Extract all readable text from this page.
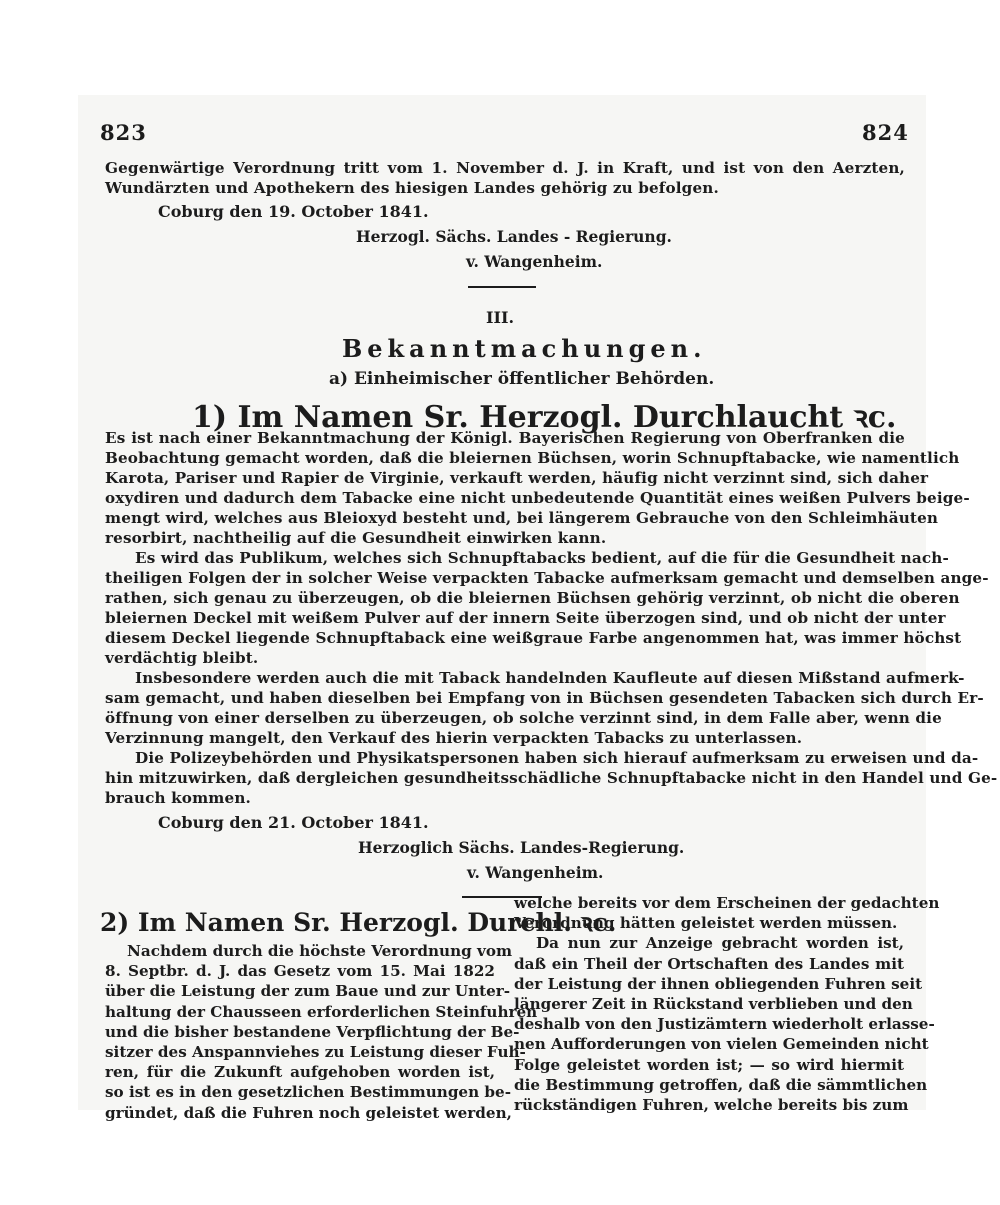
823	824
Gegenwärtige Verordnung tritt vom 1. November d. J. in Kraft, und ist von den Aerzten,
Wundärzten und Apothekern des hiesigen Landes gehörig zu befolgen.
Coburg den 19. October 1841.
Herzogl. Sächs. Landes - Regierung.
v. Wangenheim.
III.
Bekanntmachungen.
a) Einheimischer öffentlicher Behörden.
1) Im Namen Sr. Herzogl. Durchlaucht ꝛc.
Es ist nach einer Bekanntmachung der Königl. Bayerischen Regierung von Oberfranken die
Beobachtung gemacht worden, daß die bleiernen Büchsen, worin Schnupftabacke, wie namentlich
Karota, Pariser und Rapier de Virginie, verkauft werden, häufig nicht verzinnt sind, sich daher
oxydiren und dadurch dem Tabacke eine nicht unbedeutende Quantität eines weißen Pulvers beige-
mengt wird, welches aus Bleioxyd besteht und, bei längerem Gebrauche von den Schleimhäuten
resorbirt, nachtheilig auf die Gesundheit einwirken kann.
Es wird das Publikum, welches sich Schnupftabacks bedient, auf die für die Gesundheit nach-
theiligen Folgen der in solcher Weise verpackten Tabacke aufmerksam gemacht und demselben ange-
rathen, sich genau zu überzeugen, ob die bleiernen Büchsen gehörig verzinnt, ob nicht die oberen
bleiernen Deckel mit weißem Pulver auf der innern Seite überzogen sind, und ob nicht der unter
diesem Deckel liegende Schnupftaback eine weißgraue Farbe angenommen hat, was immer höchst
verdächtig bleibt.
Insbesondere werden auch die mit Taback handelnden Kaufleute auf diesen Mißstand aufmerk-
sam gemacht, und haben dieselben bei Empfang von in Büchsen gesendeten Tabacken sich durch Er-
öffnung von einer derselben zu überzeugen, ob solche verzinnt sind, in dem Falle aber, wenn die
Verzinnung mangelt, den Verkauf des hierin verpackten Tabacks zu unterlassen.
Die Polizeybehörden und Physikatspersonen haben sich hierauf aufmerksam zu erweisen und da-
hin mitzuwirken, daß dergleichen gesundheitsschädliche Schnupftabacke nicht in den Handel und Ge-
brauch kommen.
Coburg den 21. October 1841.
Herzoglich Sächs. Landes-Regierung.
v. Wangenheim.
2) Im Namen Sr. Herzogl. Durchl. ꝛc.
Nachdem durch die höchste Verordnung vom
8. Septbr. d. J. das Gesetz vom 15. Mai 1822
über die Leistung der zum Baue und zur Unter-
haltung der Chausseen erforderlichen Steinfuhren
und die bisher bestandene Verpflichtung der Be-
sitzer des Anspannviehes zu Leistung dieser Fuh-
ren, für die Zukunft aufgehoben worden ist,
so ist es in den gesetzlichen Bestimmungen be-
gründet, daß die Fuhren noch geleistet werden,
welche bereits vor dem Erscheinen der gedachten
Verordnung hätten geleistet werden müssen.
Da nun zur Anzeige gebracht worden ist,
daß ein Theil der Ortschaften des Landes mit
der Leistung der ihnen obliegenden Fuhren seit
längerer Zeit in Rückstand verblieben und den
deshalb von den Justizämtern wiederholt erlasse-
nen Aufforderungen von vielen Gemeinden nicht
Folge geleistet worden ist; — so wird hiermit
die Bestimmung getroffen, daß die sämmtlichen
rückständigen Fuhren, welche bereits bis zum
